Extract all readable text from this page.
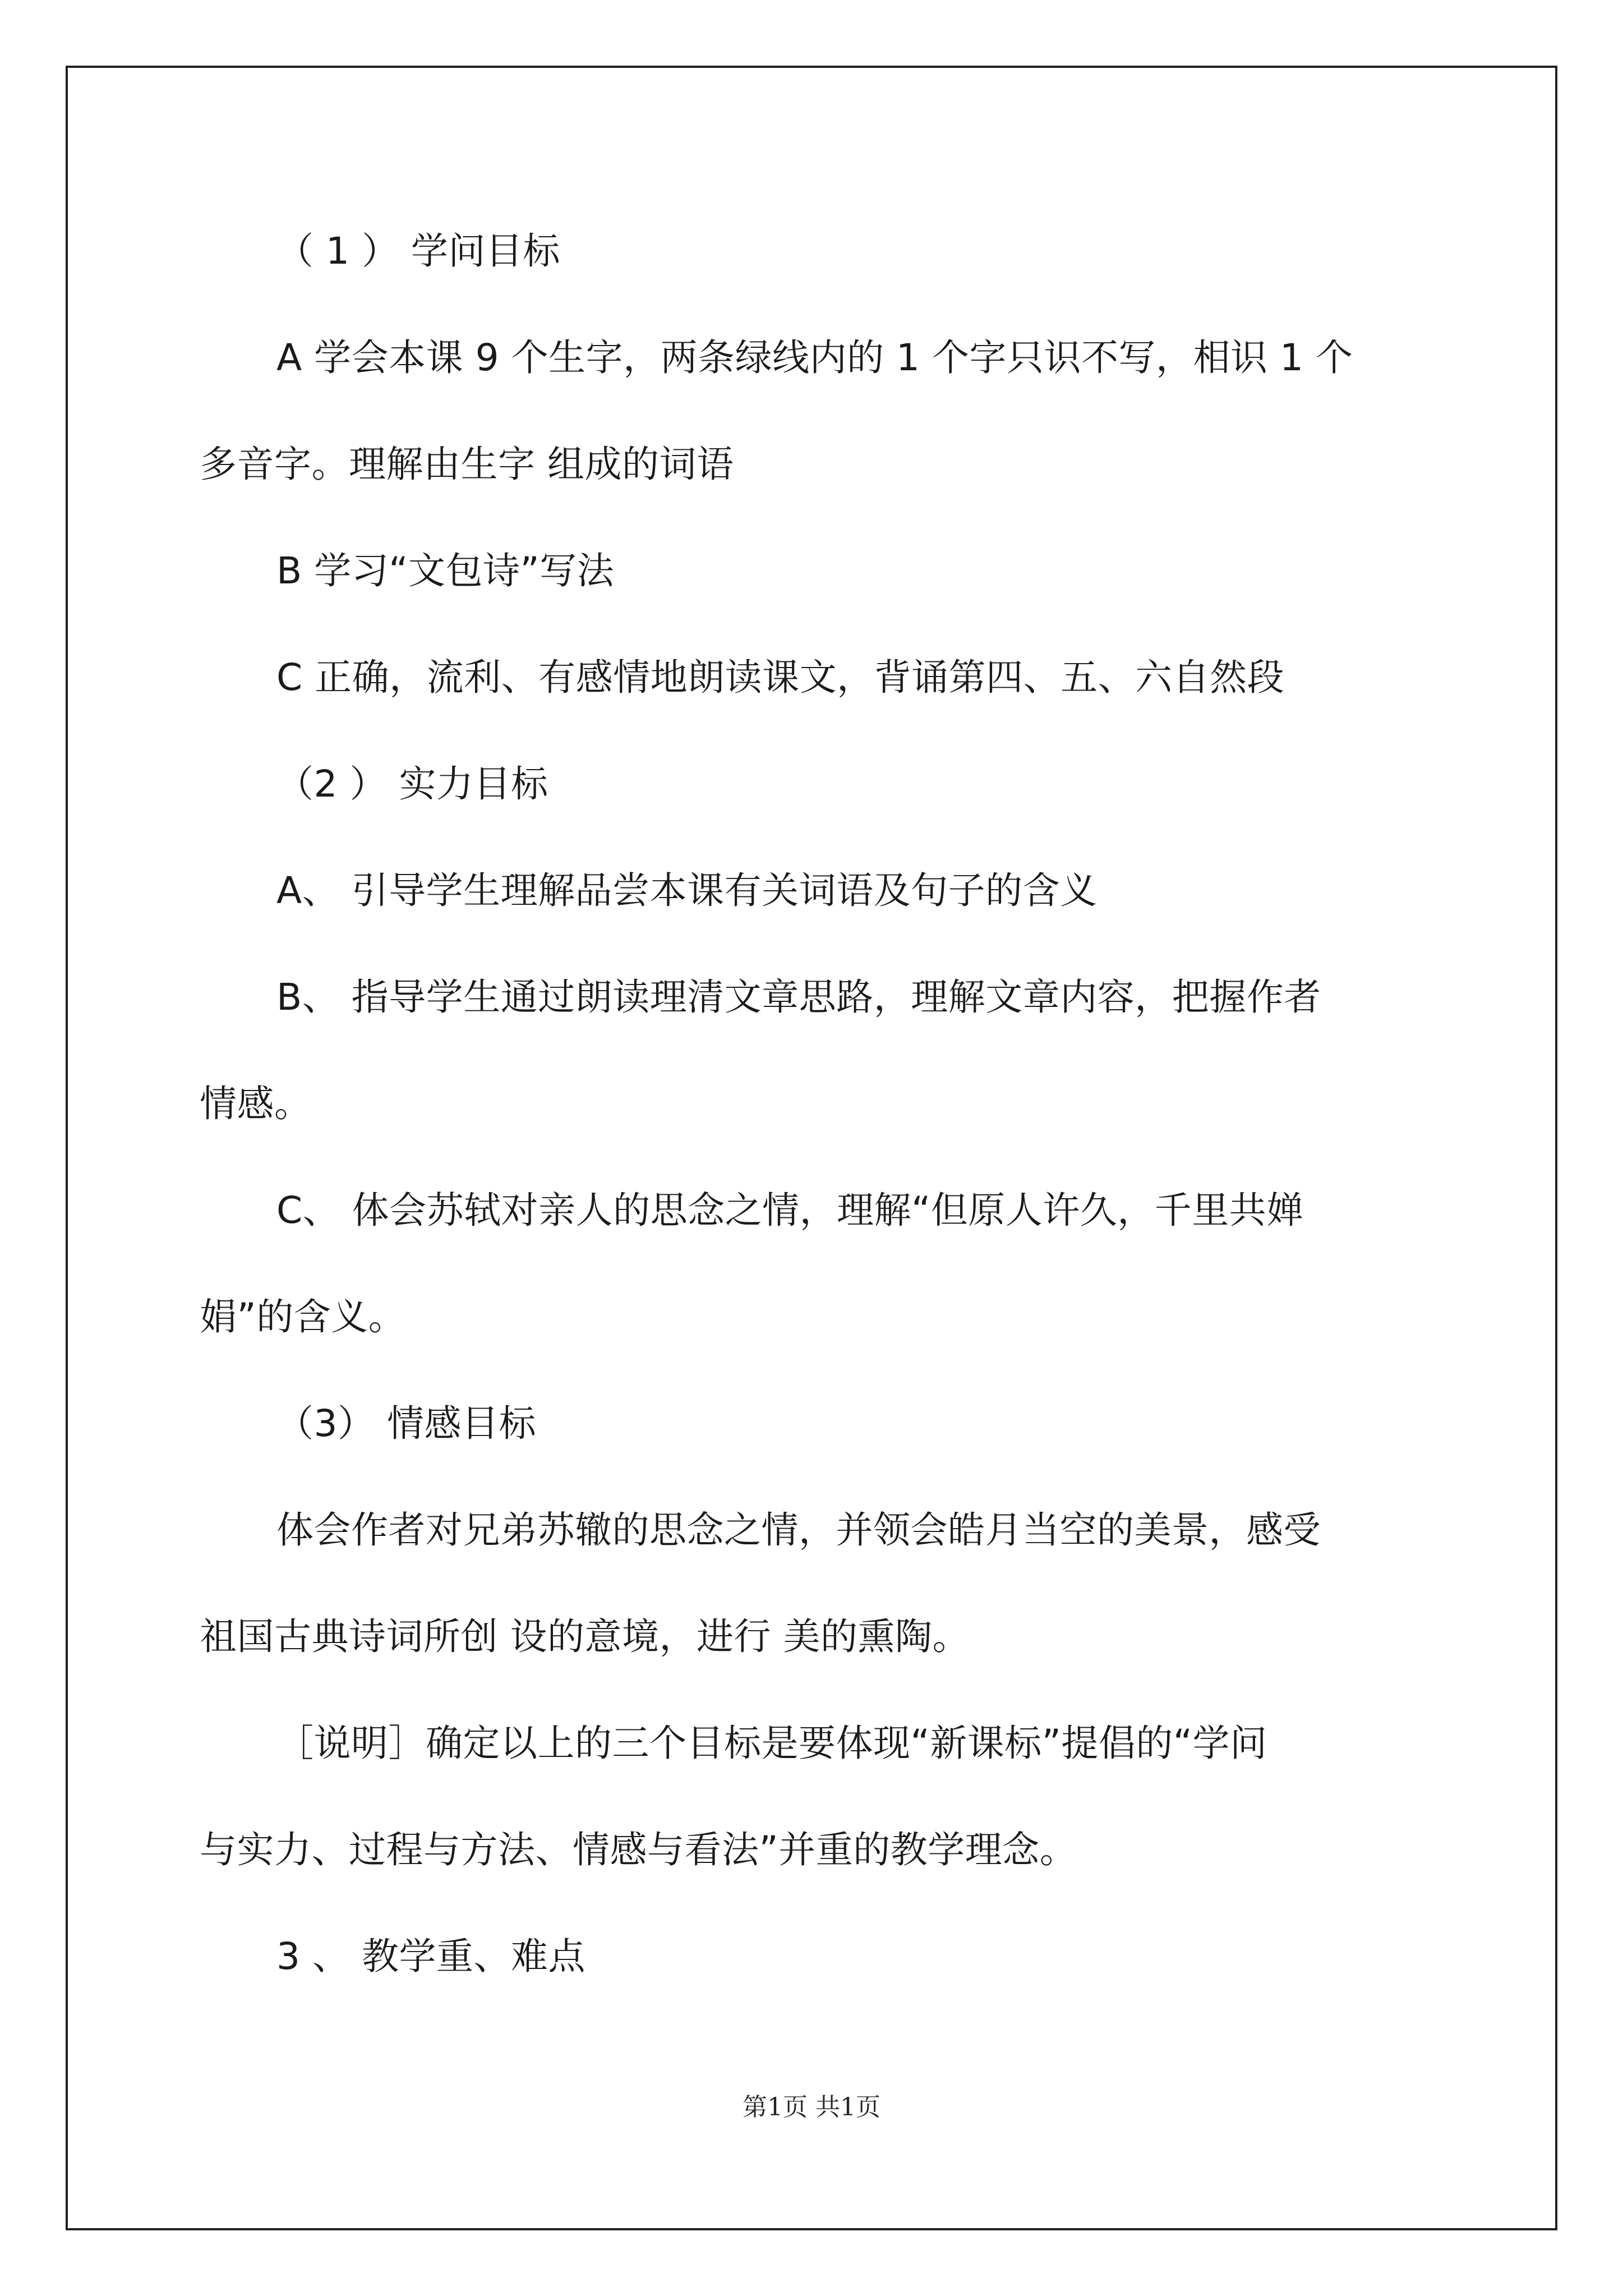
（ 1 ） 学问目标
A 学会本课 9 个生字，两条绿线内的 1 个字只识不写，相识 1 个
多音字。理解由生字 组成的词语
B 学习“文包诗”写法
C 正确，流利、有感情地朗读课文，背诵第四、五、六自然段
（2 ） 实力目标
A、 引导学生理解品尝本课有关词语及句子的含义
B、 指导学生通过朗读理清文章思路，理解文章内容，把握作者
情感。
C、 体会苏轼对亲人的思念之情，理解“但原人许久，千里共婵
娟”的含义。
（3） 情感目标
体会作者对兄弟苏辙的思念之情，并领会皓月当空的美景，感受
祖国古典诗词所创 设的意境，进行 美的熏陶。
［说明］确定以上的三个目标是要体现“新课标”提倡的“学问
与实力、过程与方法、情感与看法”并重的教学理念。
3 、 教学重、难点
第1页 共1页
